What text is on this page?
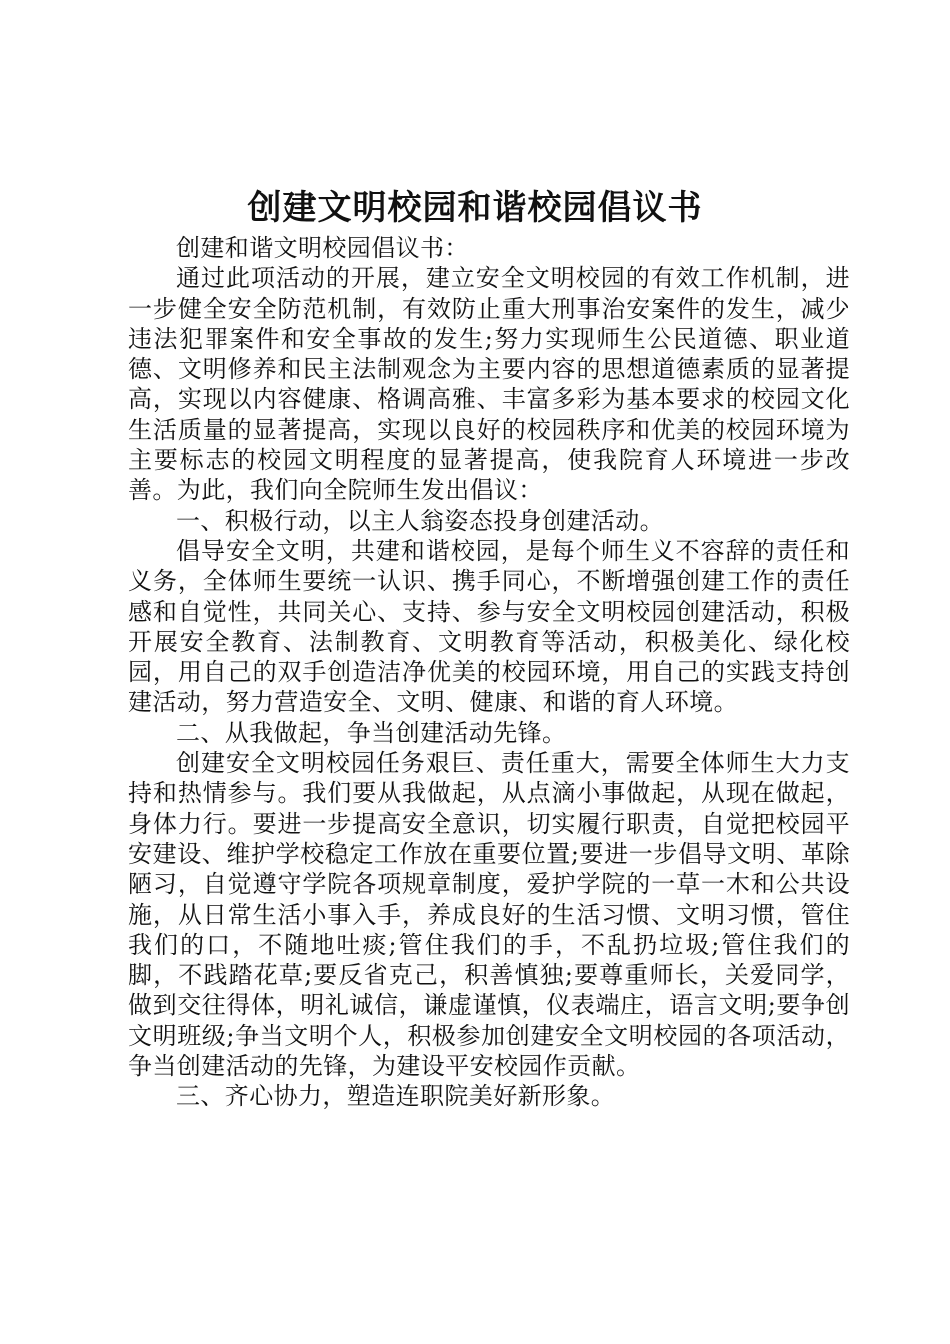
创建文明校园和谐校园倡议书

创建和谐文明校园倡议书：

通过此项活动的开展，建立安全文明校园的有效工作机制，进一步健全安全防范机制，有效防止重大刑事治安案件的发生，减少违法犯罪案件和安全事故的发生;努力实现师生公民道德、职业道德、文明修养和民主法制观念为主要内容的思想道德素质的显著提高，实现以内容健康、格调高雅、丰富多彩为基本要求的校园文化生活质量的显著提高，实现以良好的校园秩序和优美的校园环境为主要标志的校园文明程度的显著提高，使我院育人环境进一步改善。为此，我们向全院师生发出倡议：

一、积极行动，以主人翁姿态投身创建活动。

倡导安全文明，共建和谐校园，是每个师生义不容辞的责任和义务，全体师生要统一认识、携手同心，不断增强创建工作的责任感和自觉性，共同关心、支持、参与安全文明校园创建活动，积极开展安全教育、法制教育、文明教育等活动，积极美化、绿化校园，用自己的双手创造洁净优美的校园环境，用自己的实践支持创建活动，努力营造安全、文明、健康、和谐的育人环境。

二、从我做起，争当创建活动先锋。

创建安全文明校园任务艰巨、责任重大，需要全体师生大力支持和热情参与。我们要从我做起，从点滴小事做起，从现在做起，身体力行。要进一步提高安全意识，切实履行职责，自觉把校园平安建设、维护学校稳定工作放在重要位置;要进一步倡导文明、革除陋习，自觉遵守学院各项规章制度，爱护学院的一草一木和公共设施，从日常生活小事入手，养成良好的生活习惯、文明习惯，管住我们的口，不随地吐痰;管住我们的手，不乱扔垃圾;管住我们的脚，不践踏花草;要反省克己，积善慎独;要尊重师长，关爱同学，做到交往得体，明礼诚信，谦虚谨慎，仪表端庄，语言文明;要争创文明班级;争当文明个人，积极参加创建安全文明校园的各项活动，争当创建活动的先锋，为建设平安校园作贡献。

三、齐心协力，塑造连职院美好新形象。
